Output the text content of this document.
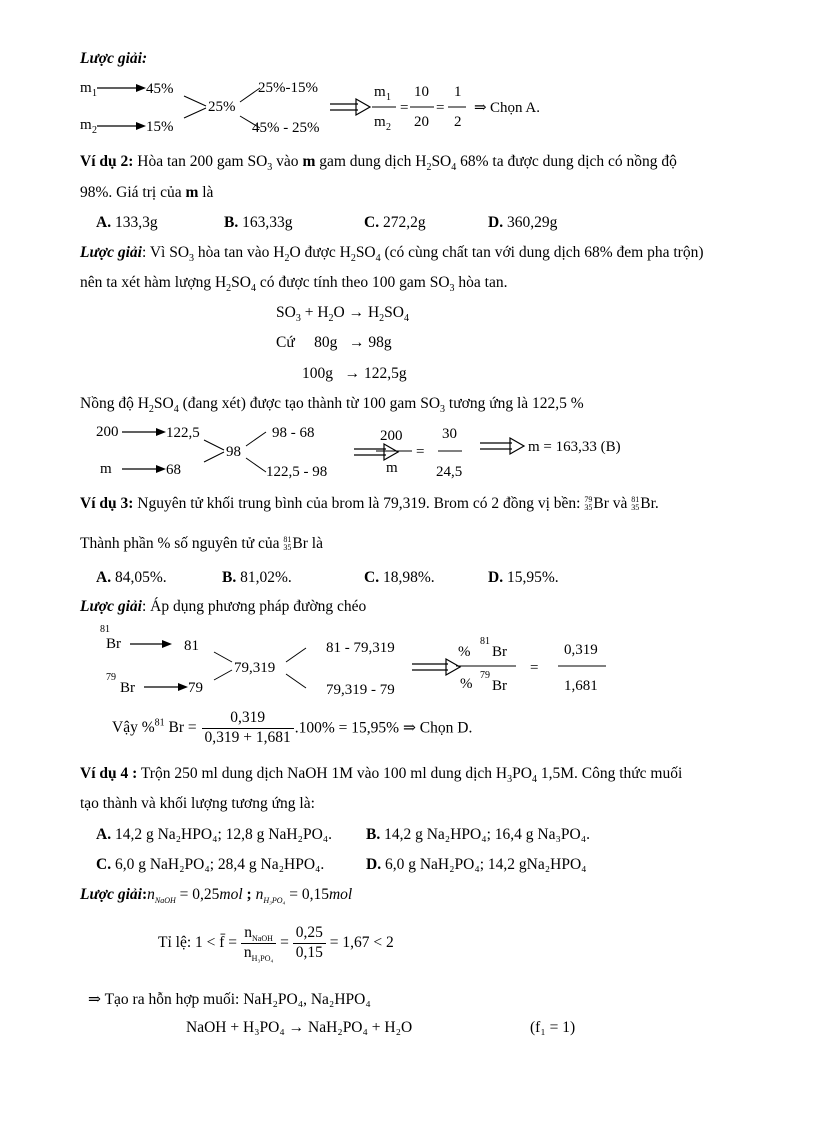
Lược giải:
m 1	45%
m 2	15%
25%
25%-15%
45% - 25%
m 1
m 2
=
10
20
=
1
2
⇒ Chọn A.
Ví dụ 2: Hòa tan 200 gam $SO_3$ vào m gam dung dịch $H_2SO_4$ 68% ta được dung dịch có nồng độ
98%. Giá trị của m là
A. 133,3g	B. 163,33g	C. 272,2g	D. 360,29g
Lược giải: Vì $SO_3$ hòa tan vào $H_2O$ được $H_2SO_4$ (có cùng chất tan với dung dịch 68% đem pha trộn)
nên ta xét hàm lượng $H_2SO_4$ có được tính theo 100 gam $SO_3$ hòa tan.
$SO_3 + H_2O \to H_2SO_4$
Cứ     80g   → 98g
100g   → 122,5g
Nồng độ $H_2SO_4$ (đang xét) được tạo thành từ 100 gam $SO_3$ tương ứng là 122,5 %
200	122,5
m	68
98
98 - 68
122,5 - 98
200
m
=
30
24,5
m = 163,33 (B)
Ví dụ 3: Nguyên tử khối trung bình của brom là 79,319. Brom có 2 đồng vị bền: 79
35Br và 81
35Br.
Thành phần % số nguyên tử của 81
35Br là
A. 84,05%.	B. 81,02%.	C. 18,98%.	D. 15,95%.
Lược giải: Áp dụng phương pháp đường chéo
81
Br	81
79
Br	79
79,319
81 - 79,319
79,319 - 79
%
81
Br
%
79
Br
=
0,319
1,681
Vậy %$^{81}$ $Br = \frac{0,319}{0,319 + 1,681} .100\% = 15,95\%$ ⇒ Chọn D.
Ví dụ 4 : Trộn 250 ml dung dịch NaOH 1M vào 100 ml dung dịch $H_3PO_4$ 1,5M. Công thức muối
tạo thành và khối lượng tương ứng là:
A. 14,2 g Na₂HPO₄; 12,8 g NaH₂PO₄. B. 14,2 g Na₂HPO₄; 16,4 g Na₃PO₄.
C. 6,0 g NaH₂PO₄; 28,4 g Na₂HPO₄.	D. 6,0 g NaH₂PO₄; 14,2 gNa₂HPO₄
Lược $giải:n_{NaOH} = 0,25mol$ ; $n_{H_3PO_4} = 0,15mol$
Tỉ lệ: 1 < f̄ =
$n_{NaOH}$
$n_{H_3PO_4}$
= $\frac{0,25}{0,15} = 1,67 < 2$
⇒ Tạo ra hỗn hợp muối: NaH₂PO₄, Na₂HPO₄
NaOH + H₃PO₄ → NaH₂PO₄ + H₂O	(f₁ = 1)
